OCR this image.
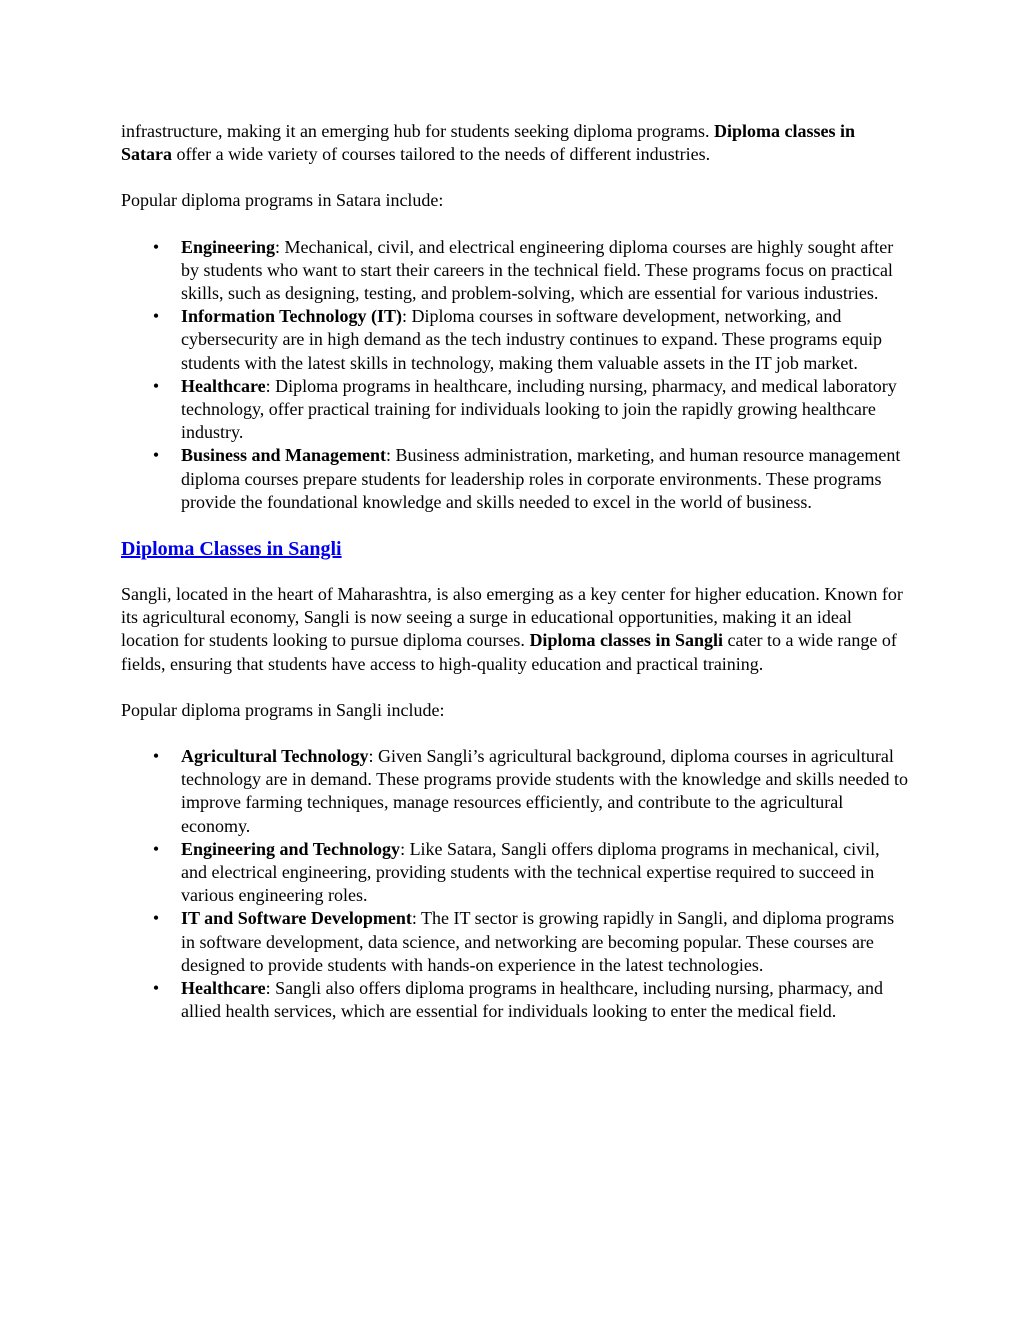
infrastructure, making it an emerging hub for students seeking diploma programs. Diploma classes in Satara offer a wide variety of courses tailored to the needs of different industries.

Popular diploma programs in Satara include:

• Engineering: Mechanical, civil, and electrical engineering diploma courses are highly sought after by students who want to start their careers in the technical field. These programs focus on practical skills, such as designing, testing, and problem-solving, which are essential for various industries.
• Information Technology (IT): Diploma courses in software development, networking, and cybersecurity are in high demand as the tech industry continues to expand. These programs equip students with the latest skills in technology, making them valuable assets in the IT job market.
• Healthcare: Diploma programs in healthcare, including nursing, pharmacy, and medical laboratory technology, offer practical training for individuals looking to join the rapidly growing healthcare industry.
• Business and Management: Business administration, marketing, and human resource management diploma courses prepare students for leadership roles in corporate environments. These programs provide the foundational knowledge and skills needed to excel in the world of business.
Diploma Classes in Sangli

Sangli, located in the heart of Maharashtra, is also emerging as a key center for higher education. Known for its agricultural economy, Sangli is now seeing a surge in educational opportunities, making it an ideal location for students looking to pursue diploma courses. Diploma classes in Sangli cater to a wide range of fields, ensuring that students have access to high-quality education and practical training.

Popular diploma programs in Sangli include:

• Agricultural Technology: Given Sangli’s agricultural background, diploma courses in agricultural technology are in demand. These programs provide students with the knowledge and skills needed to improve farming techniques, manage resources efficiently, and contribute to the agricultural economy.
• Engineering and Technology: Like Satara, Sangli offers diploma programs in mechanical, civil, and electrical engineering, providing students with the technical expertise required to succeed in various engineering roles.
• IT and Software Development: The IT sector is growing rapidly in Sangli, and diploma programs in software development, data science, and networking are becoming popular. These courses are designed to provide students with hands-on experience in the latest technologies.
• Healthcare: Sangli also offers diploma programs in healthcare, including nursing, pharmacy, and allied health services, which are essential for individuals looking to enter the medical field.
